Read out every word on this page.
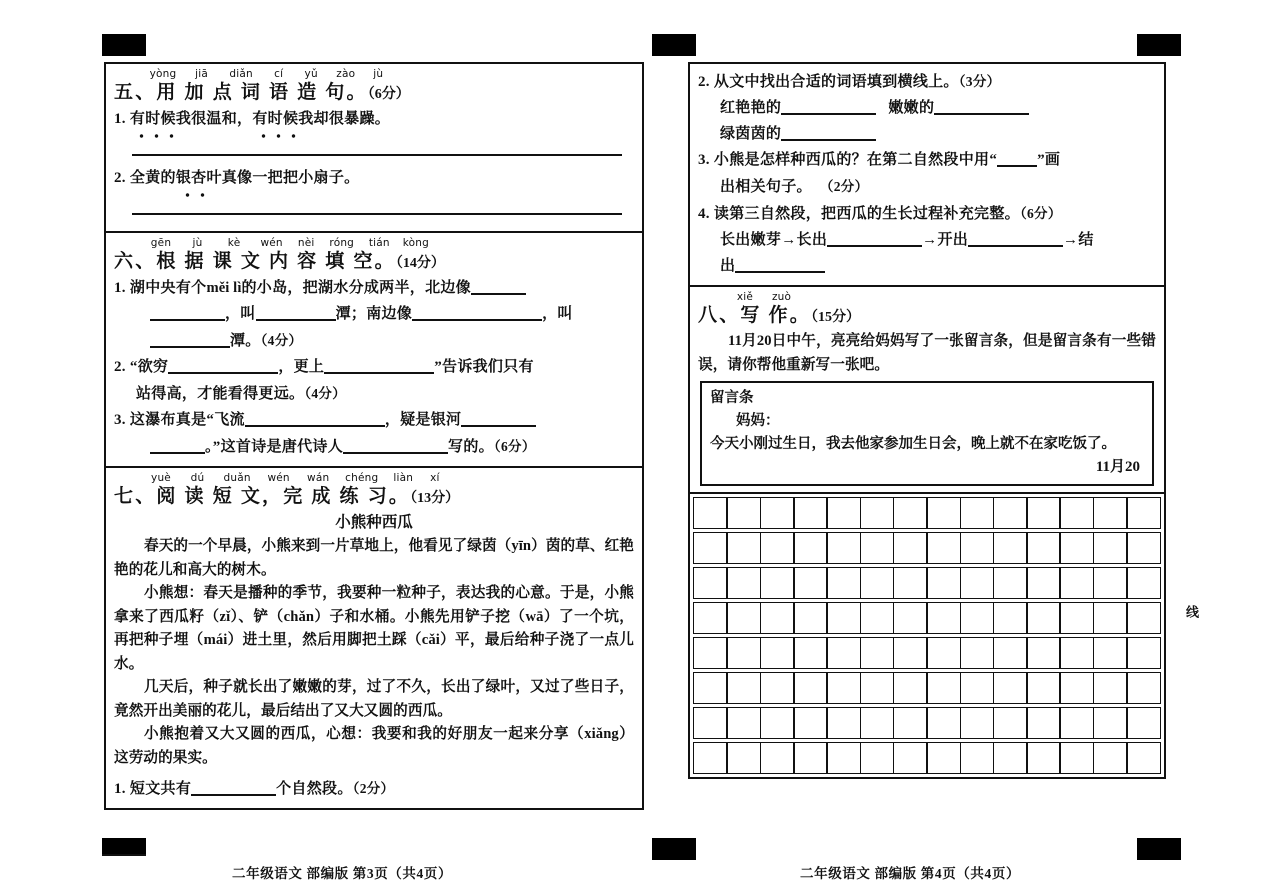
yòng jiā diǎn cí yǔ zào jù
五、用 加 点 词 语 造 句。（6分）
1. 有时候我很温和，有时候我却很暴躁。
2. 全黄的银杏叶真像一把把小扇子。
gēn jù kè wén nèi róng tián kòng
六、根 据 课 文 内 容 填 空。（14分）
1. 湖中央有个měi lì的小岛，把湖水分成两半，北边像
，叫	潭；南边像	，叫
潭。（4分）
2. “欲穷	，更上	”告诉我们只有
站得高，才能看得更远。（4分）
3. 这瀑布真是“飞流	，疑是银河
。”这首诗是唐代诗人	写的。（6分）
yuè dú duǎn wén wán chéng liàn xí
七、阅 读 短 文，完 成 练 习。（13分）
小熊种西瓜

春天的一个早晨，小熊来到一片草地上，他看见了绿茵（yīn）茵的草、红艳艳的花儿和高大的树木。

小熊想：春天是播种的季节，我要种一粒种子，表达我的心意。于是，小熊拿来了西瓜籽（zǐ）、铲（chǎn）子和水桶。小熊先用铲子挖（wā）了一个坑，再把种子埋（mái）进土里，然后用脚把土踩（cǎi）平，最后给种子浇了一点儿水。

几天后，种子就长出了嫩嫩的芽，过了不久，长出了绿叶，又过了些日子，竟然开出美丽的花儿，最后结出了又大又圆的西瓜。

小熊抱着又大又圆的西瓜，心想：我要和我的好朋友一起来分享（xiǎng）这劳动的果实。

1. 短文共有	个自然段。（2分）
2. 从文中找出合适的词语填到横线上。（3分）
红艳艳的	嫩嫩的
绿茵茵的
3. 小熊是怎样种西瓜的？在第二自然段中用“	”画
出相关句子。 （2分）
4. 读第三自然段，把西瓜的生长过程补充完整。（6分）
长出嫩芽→长出	→开出	→结
出
xiě zuò
八、写 作。（15分）

11月20日中午，亮亮给妈妈写了一张留言条，但是留言条有一些错误，请你帮他重新写一张吧。

留言条
妈妈：
今天小刚过生日，我去他家参加生日会，晚上就不在家吃饭了。
11月20
线
二年级语文 部编版 第3页（共4页）	二年级语文 部编版 第4页（共4页）
